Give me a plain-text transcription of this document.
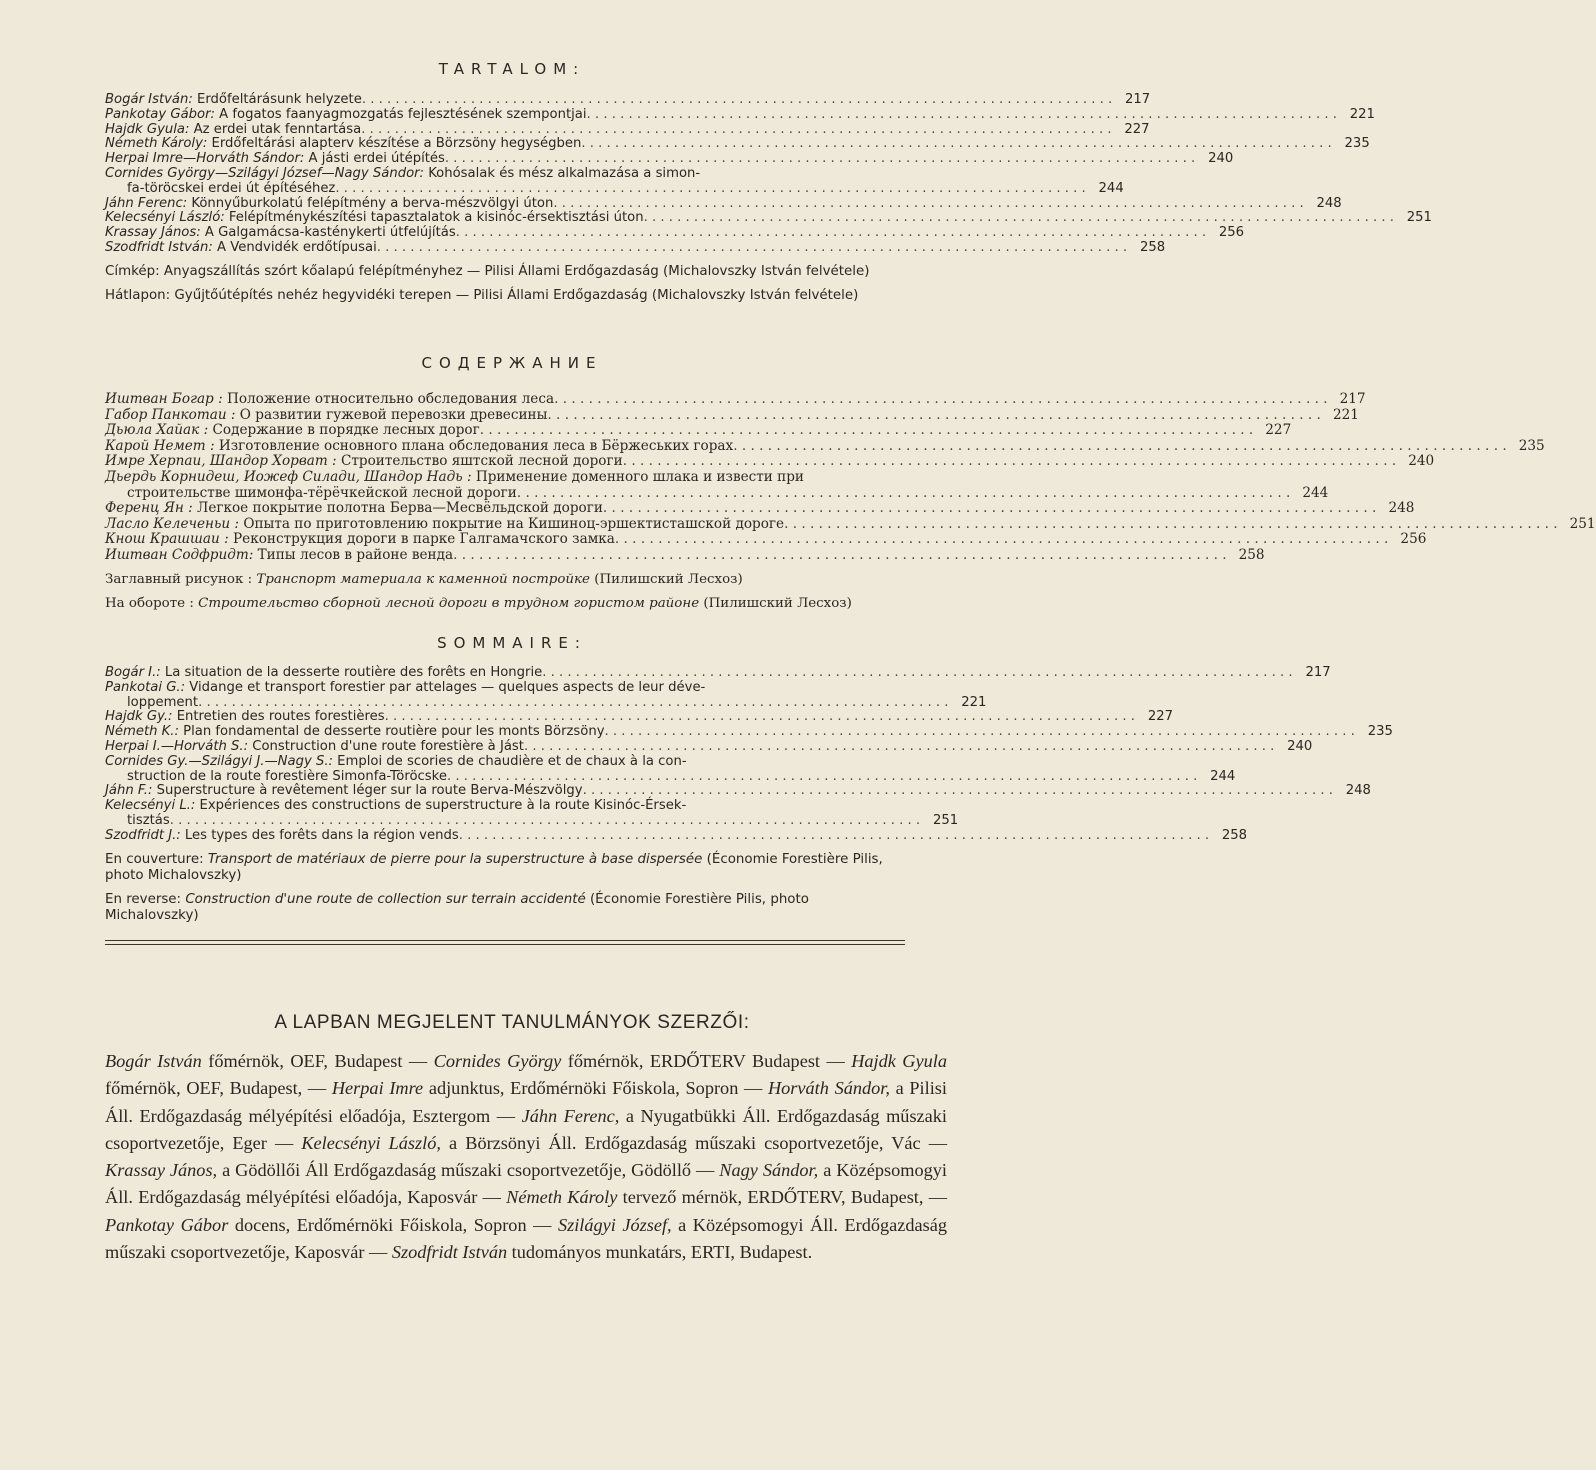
TARTALOM:
Bogár István: Erdőfeltárásunk helyzete . . . . . . . . . . . . . . . . . . . . . . . . . . . . . . . . . . . . . . . . . . . . . . . . . . . . . . . . . . . . . . . . . . . . . . . . . . . . . . . . . . . . . . . . . . 217
Pankotay Gábor: A fogatos faanyagmozgatás fejlesztésének szempontjai . . . . . . . . . . . . . . . . . . . . . . . . . . . . . . . . . . . . . . . . . . . . . . . . . . . . . . . . . . . . . . . . . . . . . . . . . . . . . . . . . . . . . . . . . . 221
Hajdk Gyula: Az erdei utak fenntartása . . . . . . . . . . . . . . . . . . . . . . . . . . . . . . . . . . . . . . . . . . . . . . . . . . . . . . . . . . . . . . . . . . . . . . . . . . . . . . . . . . . . . . . . . . 227
Németh Károly: Erdőfeltárási alapterv készítése a Börzsöny hegységben . . . . . . . . . . . . . . . . . . . . . . . . . . . . . . . . . . . . . . . . . . . . . . . . . . . . . . . . . . . . . . . . . . . . . . . . . . . . . . . . . . . . . . . . . . 235
Herpai Imre—Horváth Sándor: A jásti erdei útépítés . . . . . . . . . . . . . . . . . . . . . . . . . . . . . . . . . . . . . . . . . . . . . . . . . . . . . . . . . . . . . . . . . . . . . . . . . . . . . . . . . . . . . . . . . . 240
Cornides György—Szilágyi József—Nagy Sándor: Kohósalak és mész alkalmazása a simon-
fa-töröcskei erdei út építéséhez . . . . . . . . . . . . . . . . . . . . . . . . . . . . . . . . . . . . . . . . . . . . . . . . . . . . . . . . . . . . . . . . . . . . . . . . . . . . . . . . . . . . . . . . . . 244
Jáhn Ferenc: Könnyűburkolatú felépítmény a berva-mészvölgyi úton . . . . . . . . . . . . . . . . . . . . . . . . . . . . . . . . . . . . . . . . . . . . . . . . . . . . . . . . . . . . . . . . . . . . . . . . . . . . . . . . . . . . . . . . . . 248
Kelecsényi László: Felépítménykészítési tapasztalatok a kisinóc-érsektisztási úton . . . . . . . . . . . . . . . . . . . . . . . . . . . . . . . . . . . . . . . . . . . . . . . . . . . . . . . . . . . . . . . . . . . . . . . . . . . . . . . . . . . . . . . . . . 251
Krassay János: A Galgamácsa-kasténykerti útfelújítás . . . . . . . . . . . . . . . . . . . . . . . . . . . . . . . . . . . . . . . . . . . . . . . . . . . . . . . . . . . . . . . . . . . . . . . . . . . . . . . . . . . . . . . . . . 256
Szodfridt István: A Vendvidék erdőtípusai . . . . . . . . . . . . . . . . . . . . . . . . . . . . . . . . . . . . . . . . . . . . . . . . . . . . . . . . . . . . . . . . . . . . . . . . . . . . . . . . . . . . . . . . . . 258
Címkép: Anyagszállítás szórt kőalapú felépítményhez — Pilisi Állami Erdőgazdaság (Michalovszky István felvétele)
Hátlapon: Gyűjtőútépítés nehéz hegyvidéki terepen — Pilisi Állami Erdőgazdaság (Michalovszky István felvétele)
СОДЕРЖАНИЕ
Иштван Богар : Положение относительно обследования леса . . . . . . . . . . . . . . . . . . . . . . . . . . . . . . . . . . . . . . . . . . . . . . . . . . . . . . . . . . . . . . . . . . . . . . . . . . . . . . . . . . . . . . . . . . 217
Габор Панкотаи : О развитии гужевой перевозки древесины . . . . . . . . . . . . . . . . . . . . . . . . . . . . . . . . . . . . . . . . . . . . . . . . . . . . . . . . . . . . . . . . . . . . . . . . . . . . . . . . . . . . . . . . . . 221
Дьюла Хайак : Содержание в порядке лесных дорог . . . . . . . . . . . . . . . . . . . . . . . . . . . . . . . . . . . . . . . . . . . . . . . . . . . . . . . . . . . . . . . . . . . . . . . . . . . . . . . . . . . . . . . . . . 227
Карой Немет : Изготовление основного плана обследования леса в Бёржеських горах . . . . . . . . . . . . . . . . . . . . . . . . . . . . . . . . . . . . . . . . . . . . . . . . . . . . . . . . . . . . . . . . . . . . . . . . . . . . . . . . . . . . . . . . . . 235
Имре Херпаи, Шандор Хорват : Строительство яштской лесной дороги . . . . . . . . . . . . . . . . . . . . . . . . . . . . . . . . . . . . . . . . . . . . . . . . . . . . . . . . . . . . . . . . . . . . . . . . . . . . . . . . . . . . . . . . . . 240
Дьердь Корнидеш, Иожеф Силади, Шандор Надь : Применение доменного шлака и извести при
строительстве шимонфа-тёрёчкейской лесной дороги . . . . . . . . . . . . . . . . . . . . . . . . . . . . . . . . . . . . . . . . . . . . . . . . . . . . . . . . . . . . . . . . . . . . . . . . . . . . . . . . . . . . . . . . . . 244
Ференц Ян : Легкое покрытие полотна Берва—Месвёльдской дороги . . . . . . . . . . . . . . . . . . . . . . . . . . . . . . . . . . . . . . . . . . . . . . . . . . . . . . . . . . . . . . . . . . . . . . . . . . . . . . . . . . . . . . . . . . 248
Ласло Келеченьи : Опыта по приготовлению покрытие на Кишиноц-эршектисташской дороге . . . . . . . . . . . . . . . . . . . . . . . . . . . . . . . . . . . . . . . . . . . . . . . . . . . . . . . . . . . . . . . . . . . . . . . . . . . . . . . . . . . . . . . . . . 251
Кнош Крашшаи : Реконструкция дороги в парке Галгамачского замка . . . . . . . . . . . . . . . . . . . . . . . . . . . . . . . . . . . . . . . . . . . . . . . . . . . . . . . . . . . . . . . . . . . . . . . . . . . . . . . . . . . . . . . . . . 256
Иштван Содфридт: Типы лесов в районе венда . . . . . . . . . . . . . . . . . . . . . . . . . . . . . . . . . . . . . . . . . . . . . . . . . . . . . . . . . . . . . . . . . . . . . . . . . . . . . . . . . . . . . . . . . . 258
Заглавный рисунок : Транспорт материала к каменной постройке (Пилишский Лесхоз)
На обороте : Строительство сборной лесной дороги в трудном гористом районе (Пилишский Лесхоз)
SOMMAIRE:
Bogár I.: La situation de la desserte routière des forêts en Hongrie . . . . . . . . . . . . . . . . . . . . . . . . . . . . . . . . . . . . . . . . . . . . . . . . . . . . . . . . . . . . . . . . . . . . . . . . . . . . . . . . . . . . . . . . . . 217
Pankotai G.: Vidange et transport forestier par attelages — quelques aspects de leur déve-
loppement . . . . . . . . . . . . . . . . . . . . . . . . . . . . . . . . . . . . . . . . . . . . . . . . . . . . . . . . . . . . . . . . . . . . . . . . . . . . . . . . . . . . . . . . . . 221
Hajdk Gy.: Entretien des routes forestières . . . . . . . . . . . . . . . . . . . . . . . . . . . . . . . . . . . . . . . . . . . . . . . . . . . . . . . . . . . . . . . . . . . . . . . . . . . . . . . . . . . . . . . . . . 227
Németh K.: Plan fondamental de desserte routière pour les monts Börzsöny . . . . . . . . . . . . . . . . . . . . . . . . . . . . . . . . . . . . . . . . . . . . . . . . . . . . . . . . . . . . . . . . . . . . . . . . . . . . . . . . . . . . . . . . . . 235
Herpai I.—Horváth S.: Construction d'une route forestière à Jást . . . . . . . . . . . . . . . . . . . . . . . . . . . . . . . . . . . . . . . . . . . . . . . . . . . . . . . . . . . . . . . . . . . . . . . . . . . . . . . . . . . . . . . . . . 240
Cornides Gy.—Szilágyi J.—Nagy S.: Emploi de scories de chaudière et de chaux à la con-
struction de la route forestière Simonfa-Töröcske . . . . . . . . . . . . . . . . . . . . . . . . . . . . . . . . . . . . . . . . . . . . . . . . . . . . . . . . . . . . . . . . . . . . . . . . . . . . . . . . . . . . . . . . . . 244
Jáhn F.: Superstructure à revêtement léger sur la route Berva-Mészvölgy . . . . . . . . . . . . . . . . . . . . . . . . . . . . . . . . . . . . . . . . . . . . . . . . . . . . . . . . . . . . . . . . . . . . . . . . . . . . . . . . . . . . . . . . . . 248
Kelecsényi L.: Expériences des constructions de superstructure à la route Kisinóc-Érsek-
tisztás . . . . . . . . . . . . . . . . . . . . . . . . . . . . . . . . . . . . . . . . . . . . . . . . . . . . . . . . . . . . . . . . . . . . . . . . . . . . . . . . . . . . . . . . . . 251
Szodfridt J.: Les types des forêts dans la région vends . . . . . . . . . . . . . . . . . . . . . . . . . . . . . . . . . . . . . . . . . . . . . . . . . . . . . . . . . . . . . . . . . . . . . . . . . . . . . . . . . . . . . . . . . . 258
En couverture: Transport de matériaux de pierre pour la superstructure à base dispersée (Économie Forestière Pilis, photo Michalovszky)
En reverse: Construction d'une route de collection sur terrain accidenté (Économie Forestière Pilis, photo Michalovszky)
A LAPBAN MEGJELENT TANULMÁNYOK SZERZŐI:
Bogár István főmérnök, OEF, Budapest — Cornides György főmérnök, ERDŐTERV Budapest — Hajdk Gyula főmérnök, OEF, Budapest, — Herpai Imre adjunktus, Erdőmérnöki Főiskola, Sopron — Horváth Sándor, a Pilisi Áll. Erdőgazdaság mélyépítési előadója, Esztergom — Jáhn Ferenc, a Nyugatbükki Áll. Erdőgazdaság műszaki csoportvezetője, Eger — Kelecsényi László, a Börzsönyi Áll. Erdőgazdaság műszaki csoportvezetője, Vác — Krassay János, a Gödöllői Áll Erdőgazdaság műszaki csoportvezetője, Gödöllő — Nagy Sándor, a Középsomogyi Áll. Erdőgazdaság mélyépítési előadója, Kaposvár — Németh Károly tervező mérnök, ERDŐTERV, Budapest, — Pankotay Gábor docens, Erdőmérnöki Főiskola, Sopron — Szilágyi József, a Középsomogyi Áll. Erdőgazdaság műszaki csoportvezetője, Kaposvár — Szodfridt István tudományos munkatárs, ERTI, Budapest.
